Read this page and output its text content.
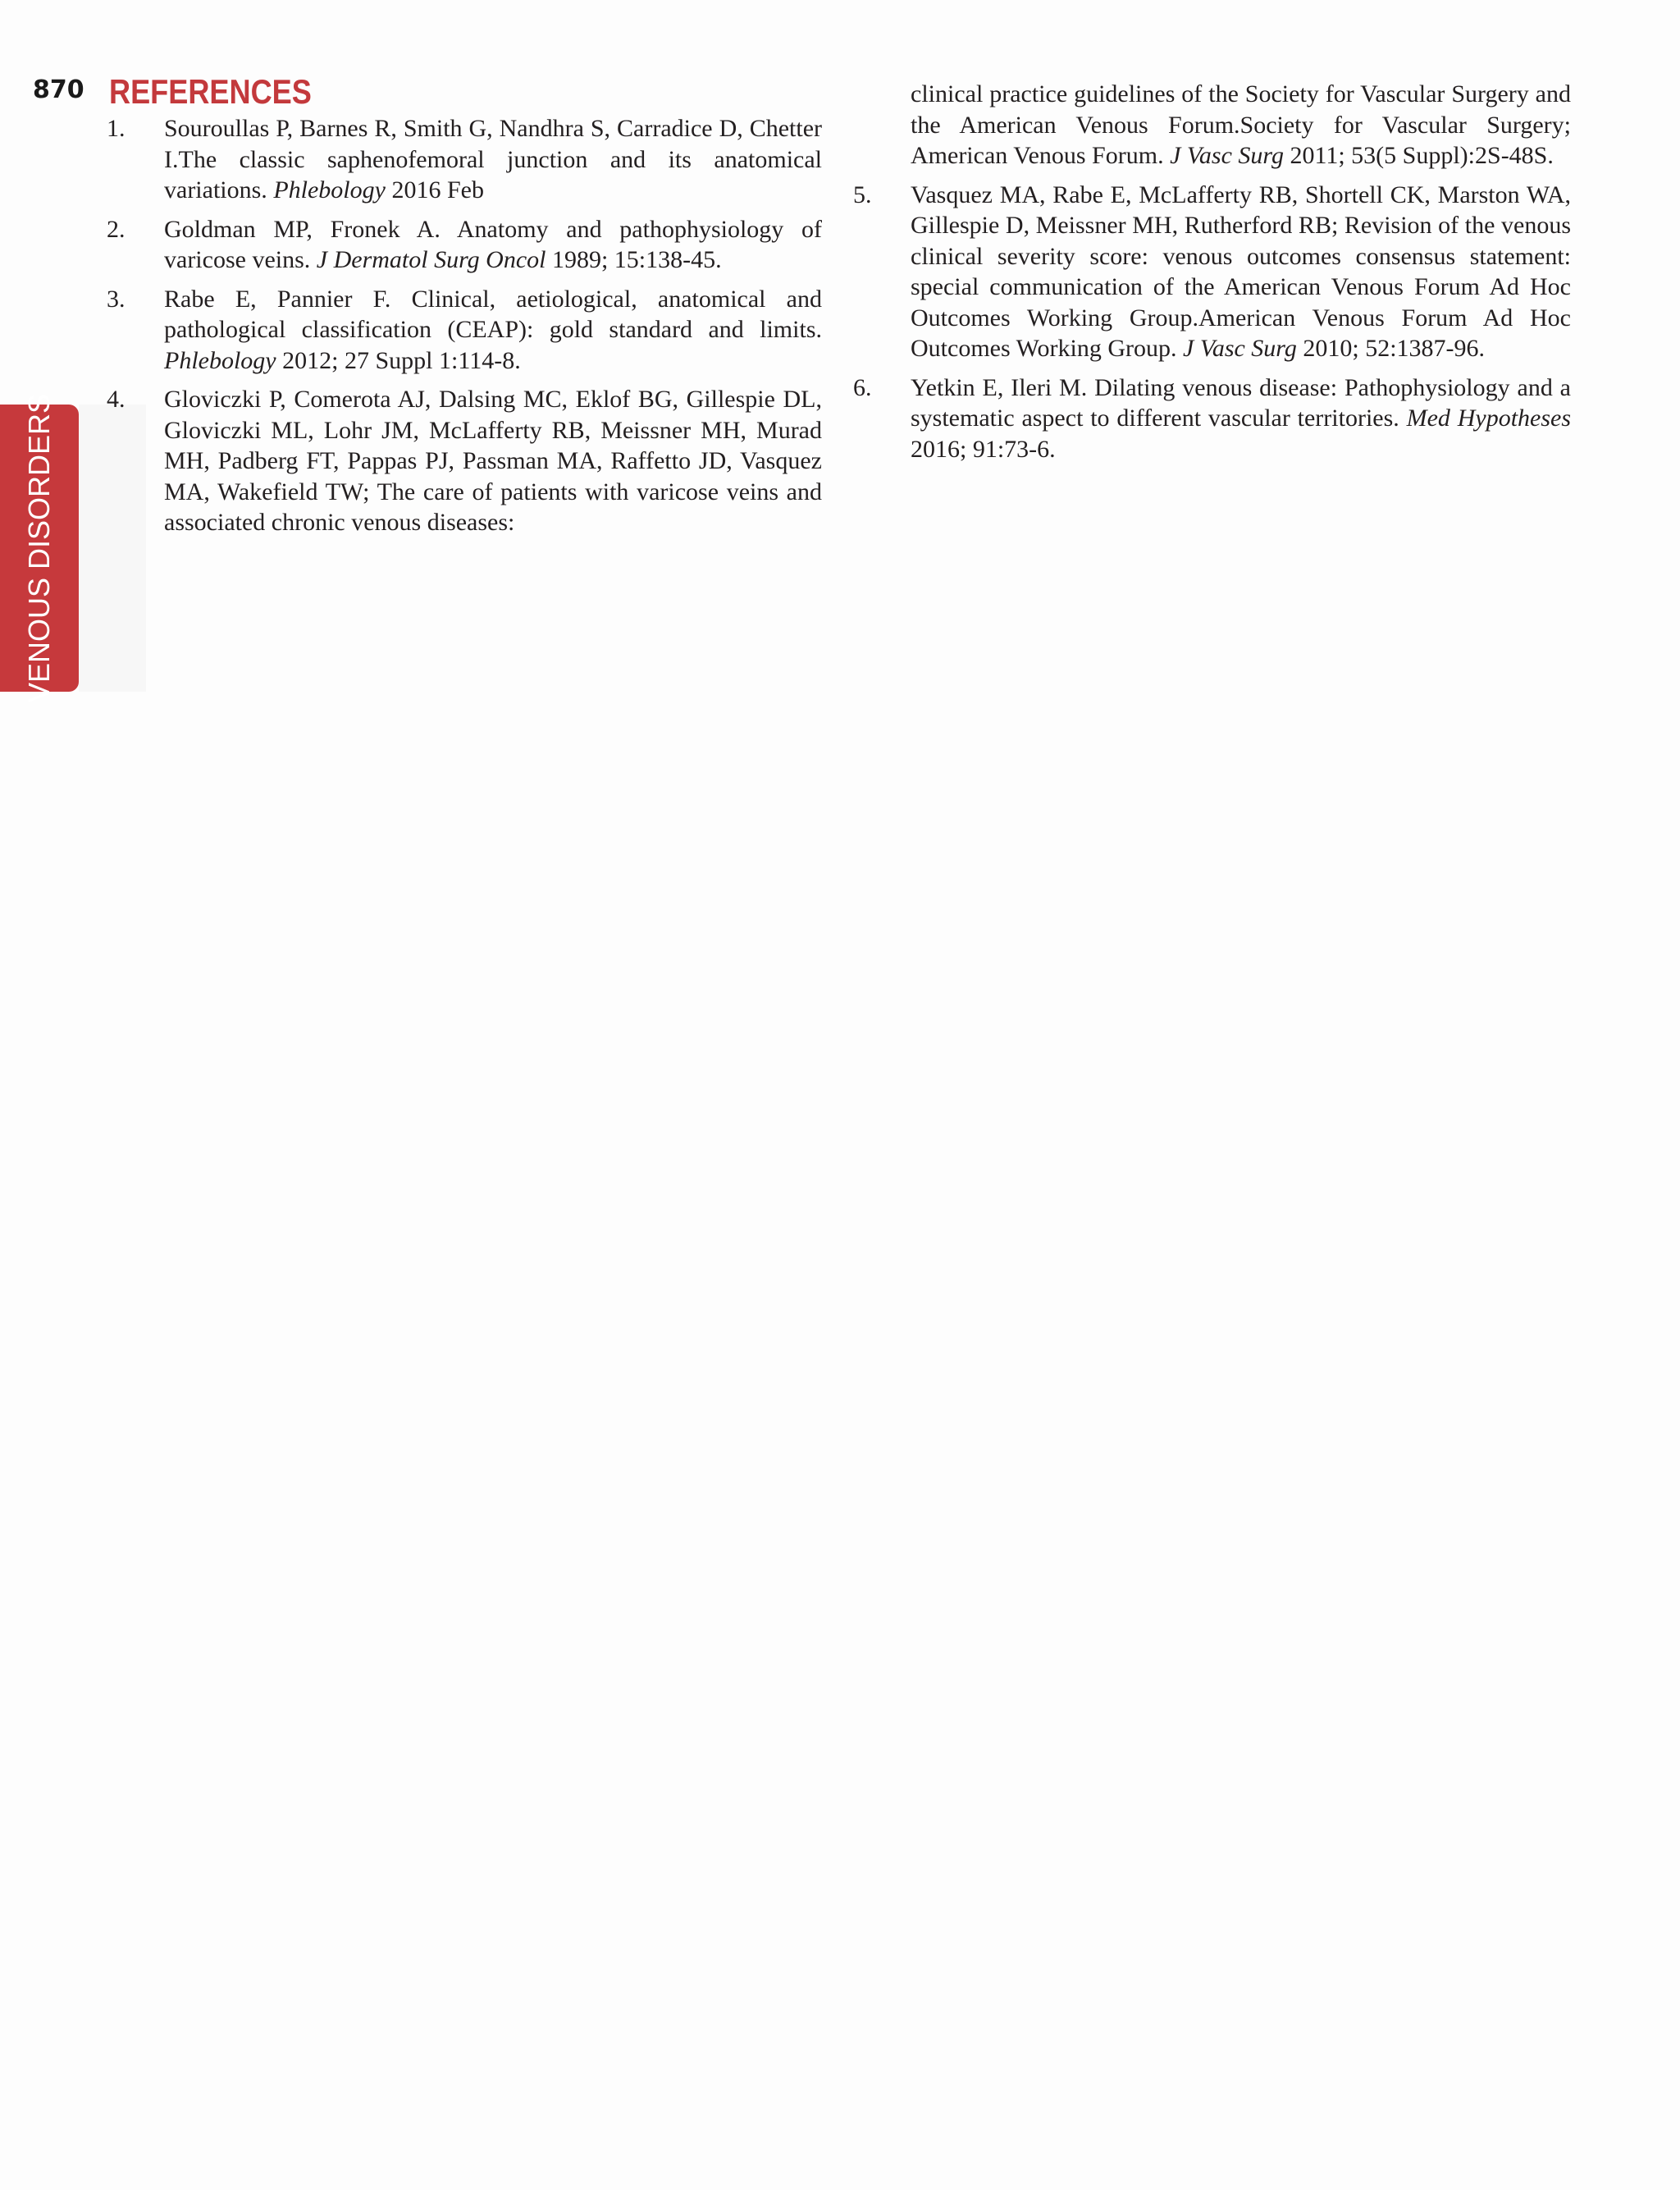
870 REFERENCES
VENOUS DISORDERS
1. Souroullas P, Barnes R, Smith G, Nandhra S, Carradice D, Chetter I.The classic saphenofemoral junction and its anatomical variations. Phlebology 2016 Feb
2. Goldman MP, Fronek A. Anatomy and pathophysiology of varicose veins. J Dermatol Surg Oncol 1989; 15:138-45.
3. Rabe E, Pannier F. Clinical, aetiological, anatomical and pathological classification (CEAP): gold standard and limits. Phlebology 2012; 27 Suppl 1:114-8.
4. Gloviczki P, Comerota AJ, Dalsing MC, Eklof BG, Gillespie DL, Gloviczki ML, Lohr JM, McLafferty RB, Meissner MH, Murad MH, Padberg FT, Pappas PJ, Passman MA, Raffetto JD, Vasquez MA, Wakefield TW; The care of patients with varicose veins and associated chronic venous diseases:
clinical practice guidelines of the Society for Vascular Surgery and the American Venous Forum.Society for Vascular Surgery; American Venous Forum. J Vasc Surg 2011; 53(5 Suppl):2S-48S.
5. Vasquez MA, Rabe E, McLafferty RB, Shortell CK, Marston WA, Gillespie D, Meissner MH, Rutherford RB; Revision of the venous clinical severity score: venous outcomes consensus statement: special communication of the American Venous Forum Ad Hoc Outcomes Working Group.American Venous Forum Ad Hoc Outcomes Working Group. J Vasc Surg 2010; 52:1387-96.
6. Yetkin E, Ileri M. Dilating venous disease: Pathophysiology and a systematic aspect to different vascular territories. Med Hypotheses 2016; 91:73-6.
